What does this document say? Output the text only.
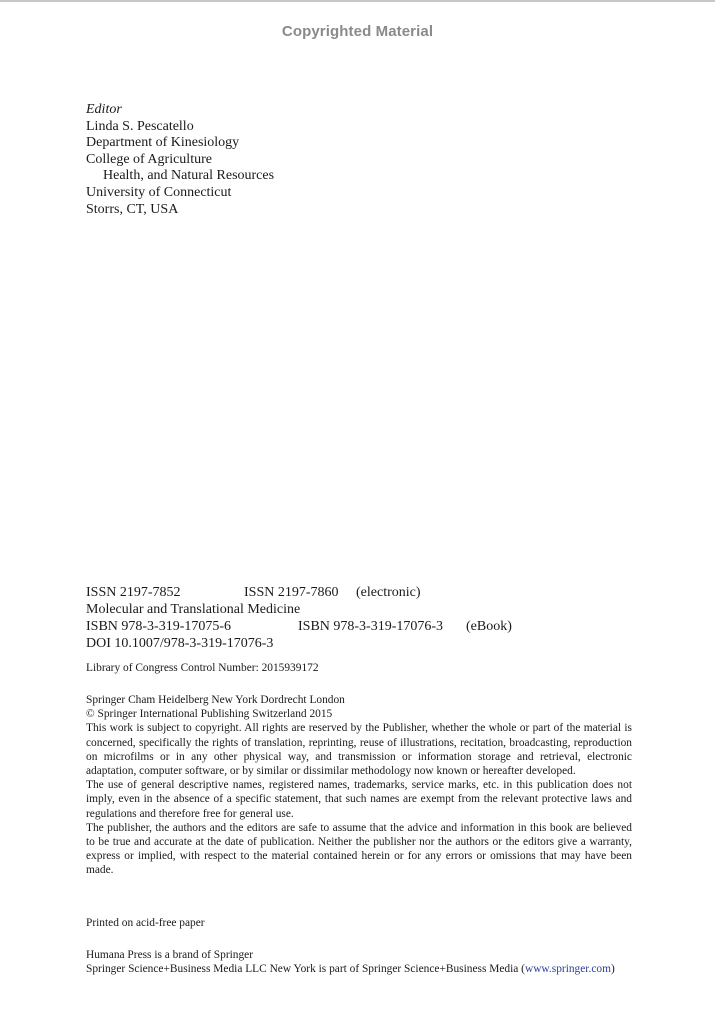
Copyrighted Material
Editor
Linda S. Pescatello
Department of Kinesiology
College of Agriculture
Health, and Natural Resources
University of Connecticut
Storrs, CT, USA
ISSN 2197-7852	ISSN 2197-7860 (electronic)
Molecular and Translational Medicine
ISBN 978-3-319-17075-6	ISBN 978-3-319-17076-3 (eBook)
DOI 10.1007/978-3-319-17076-3
Library of Congress Control Number: 2015939172

Springer Cham Heidelberg New York Dordrecht London

© Springer International Publishing Switzerland 2015

This work is subject to copyright. All rights are reserved by the Publisher, whether the whole or part of the material is concerned, specifically the rights of translation, reprinting, reuse of illustrations, recitation, broadcasting, reproduction on microfilms or in any other physical way, and transmission or information storage and retrieval, electronic adaptation, computer software, or by similar or dissimilar methodology now known or hereafter developed.

The use of general descriptive names, registered names, trademarks, service marks, etc. in this publication does not imply, even in the absence of a specific statement, that such names are exempt from the relevant protective laws and regulations and therefore free for general use.

The publisher, the authors and the editors are safe to assume that the advice and information in this book are believed to be true and accurate at the date of publication. Neither the publisher nor the authors or the editors give a warranty, express or implied, with respect to the material contained herein or for any errors or omissions that may have been made.

Printed on acid-free paper

Humana Press is a brand of Springer

Springer Science+Business Media LLC New York is part of Springer Science+Business Media (www.springer.com)
